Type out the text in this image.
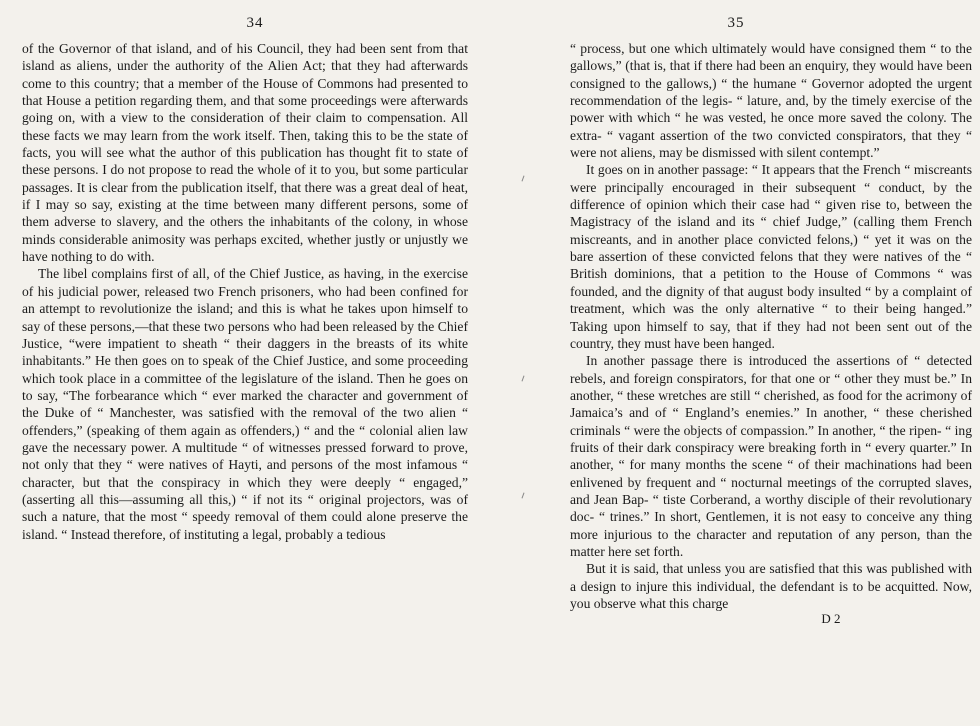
34

of the Governor of that island, and of his Council, they had been sent from that island as aliens, under the authority of the Alien Act; that they had afterwards come to this country; that a member of the House of Commons had presented to that House a petition regarding them, and that some proceedings were afterwards going on, with a view to the consideration of their claim to compensation. All these facts we may learn from the work itself. Then, taking this to be the state of facts, you will see what the author of this publication has thought fit to state of these persons. I do not propose to read the whole of it to you, but some particular passages. It is clear from the publication itself, that there was a great deal of heat, if I may so say, existing at the time between many different persons, some of them adverse to slavery, and the others the inhabitants of the colony, in whose minds considerable animosity was perhaps excited, whether justly or unjustly we have nothing to do with.

The libel complains first of all, of the Chief Justice, as having, in the exercise of his judicial power, released two French prisoners, who had been confined for an attempt to revolutionize the island; and this is what he takes upon himself to say of these persons,—that these two persons who had been released by the Chief Justice, “were impatient to sheath “ their daggers in the breasts of its white inhabitants.” He then goes on to speak of the Chief Justice, and some proceeding which took place in a committee of the legislature of the island. Then he goes on to say, “The forbearance which “ ever marked the character and government of the Duke of “ Manchester, was satisfied with the removal of the two alien “ offenders,” (speaking of them again as offenders,) “ and the “ colonial alien law gave the necessary power. A multitude “ of witnesses pressed forward to prove, not only that they “ were natives of Hayti, and persons of the most infamous “ character, but that the conspiracy in which they were deeply “ engaged,” (asserting all this—assuming all this,) “ if not its “ original projectors, was of such a nature, that the most “ speedy removal of them could alone preserve the island. “ Instead therefore, of instituting a legal, probably a tedious

35

“ process, but one which ultimately would have consigned them “ to the gallows,” (that is, that if there had been an enquiry, they would have been consigned to the gallows,) “ the humane “ Governor adopted the urgent recommendation of the legis- “ lature, and, by the timely exercise of the power with which “ he was vested, he once more saved the colony. The extra- “ vagant assertion of the two convicted conspirators, that they “ were not aliens, may be dismissed with silent contempt.”

It goes on in another passage: “ It appears that the French “ miscreants were principally encouraged in their subsequent “ conduct, by the difference of opinion which their case had “ given rise to, between the Magistracy of the island and its “ chief Judge,” (calling them French miscreants, and in another place convicted felons,) “ yet it was on the bare assertion of these convicted felons that they were natives of the “ British dominions, that a petition to the House of Commons “ was founded, and the dignity of that august body insulted “ by a complaint of treatment, which was the only alternative “ to their being hanged.” Taking upon himself to say, that if they had not been sent out of the country, they must have been hanged.

In another passage there is introduced the assertions of “ detected rebels, and foreign conspirators, for that one or “ other they must be.” In another, “ these wretches are still “ cherished, as food for the acrimony of Jamaica’s and of “ England’s enemies.” In another, “ these cherished criminals “ were the objects of compassion.” In another, “ the ripen- “ ing fruits of their dark conspiracy were breaking forth in “ every quarter.” In another, “ for many months the scene “ of their machinations had been enlivened by frequent and “ nocturnal meetings of the corrupted slaves, and Jean Bap- “ tiste Corberand, a worthy disciple of their revolutionary doc- “ trines.” In short, Gentlemen, it is not easy to conceive any thing more injurious to the character and reputation of any person, than the matter here set forth.

But it is said, that unless you are satisfied that this was published with a design to injure this individual, the defendant is to be acquitted. Now, you observe what this charge

D 2
